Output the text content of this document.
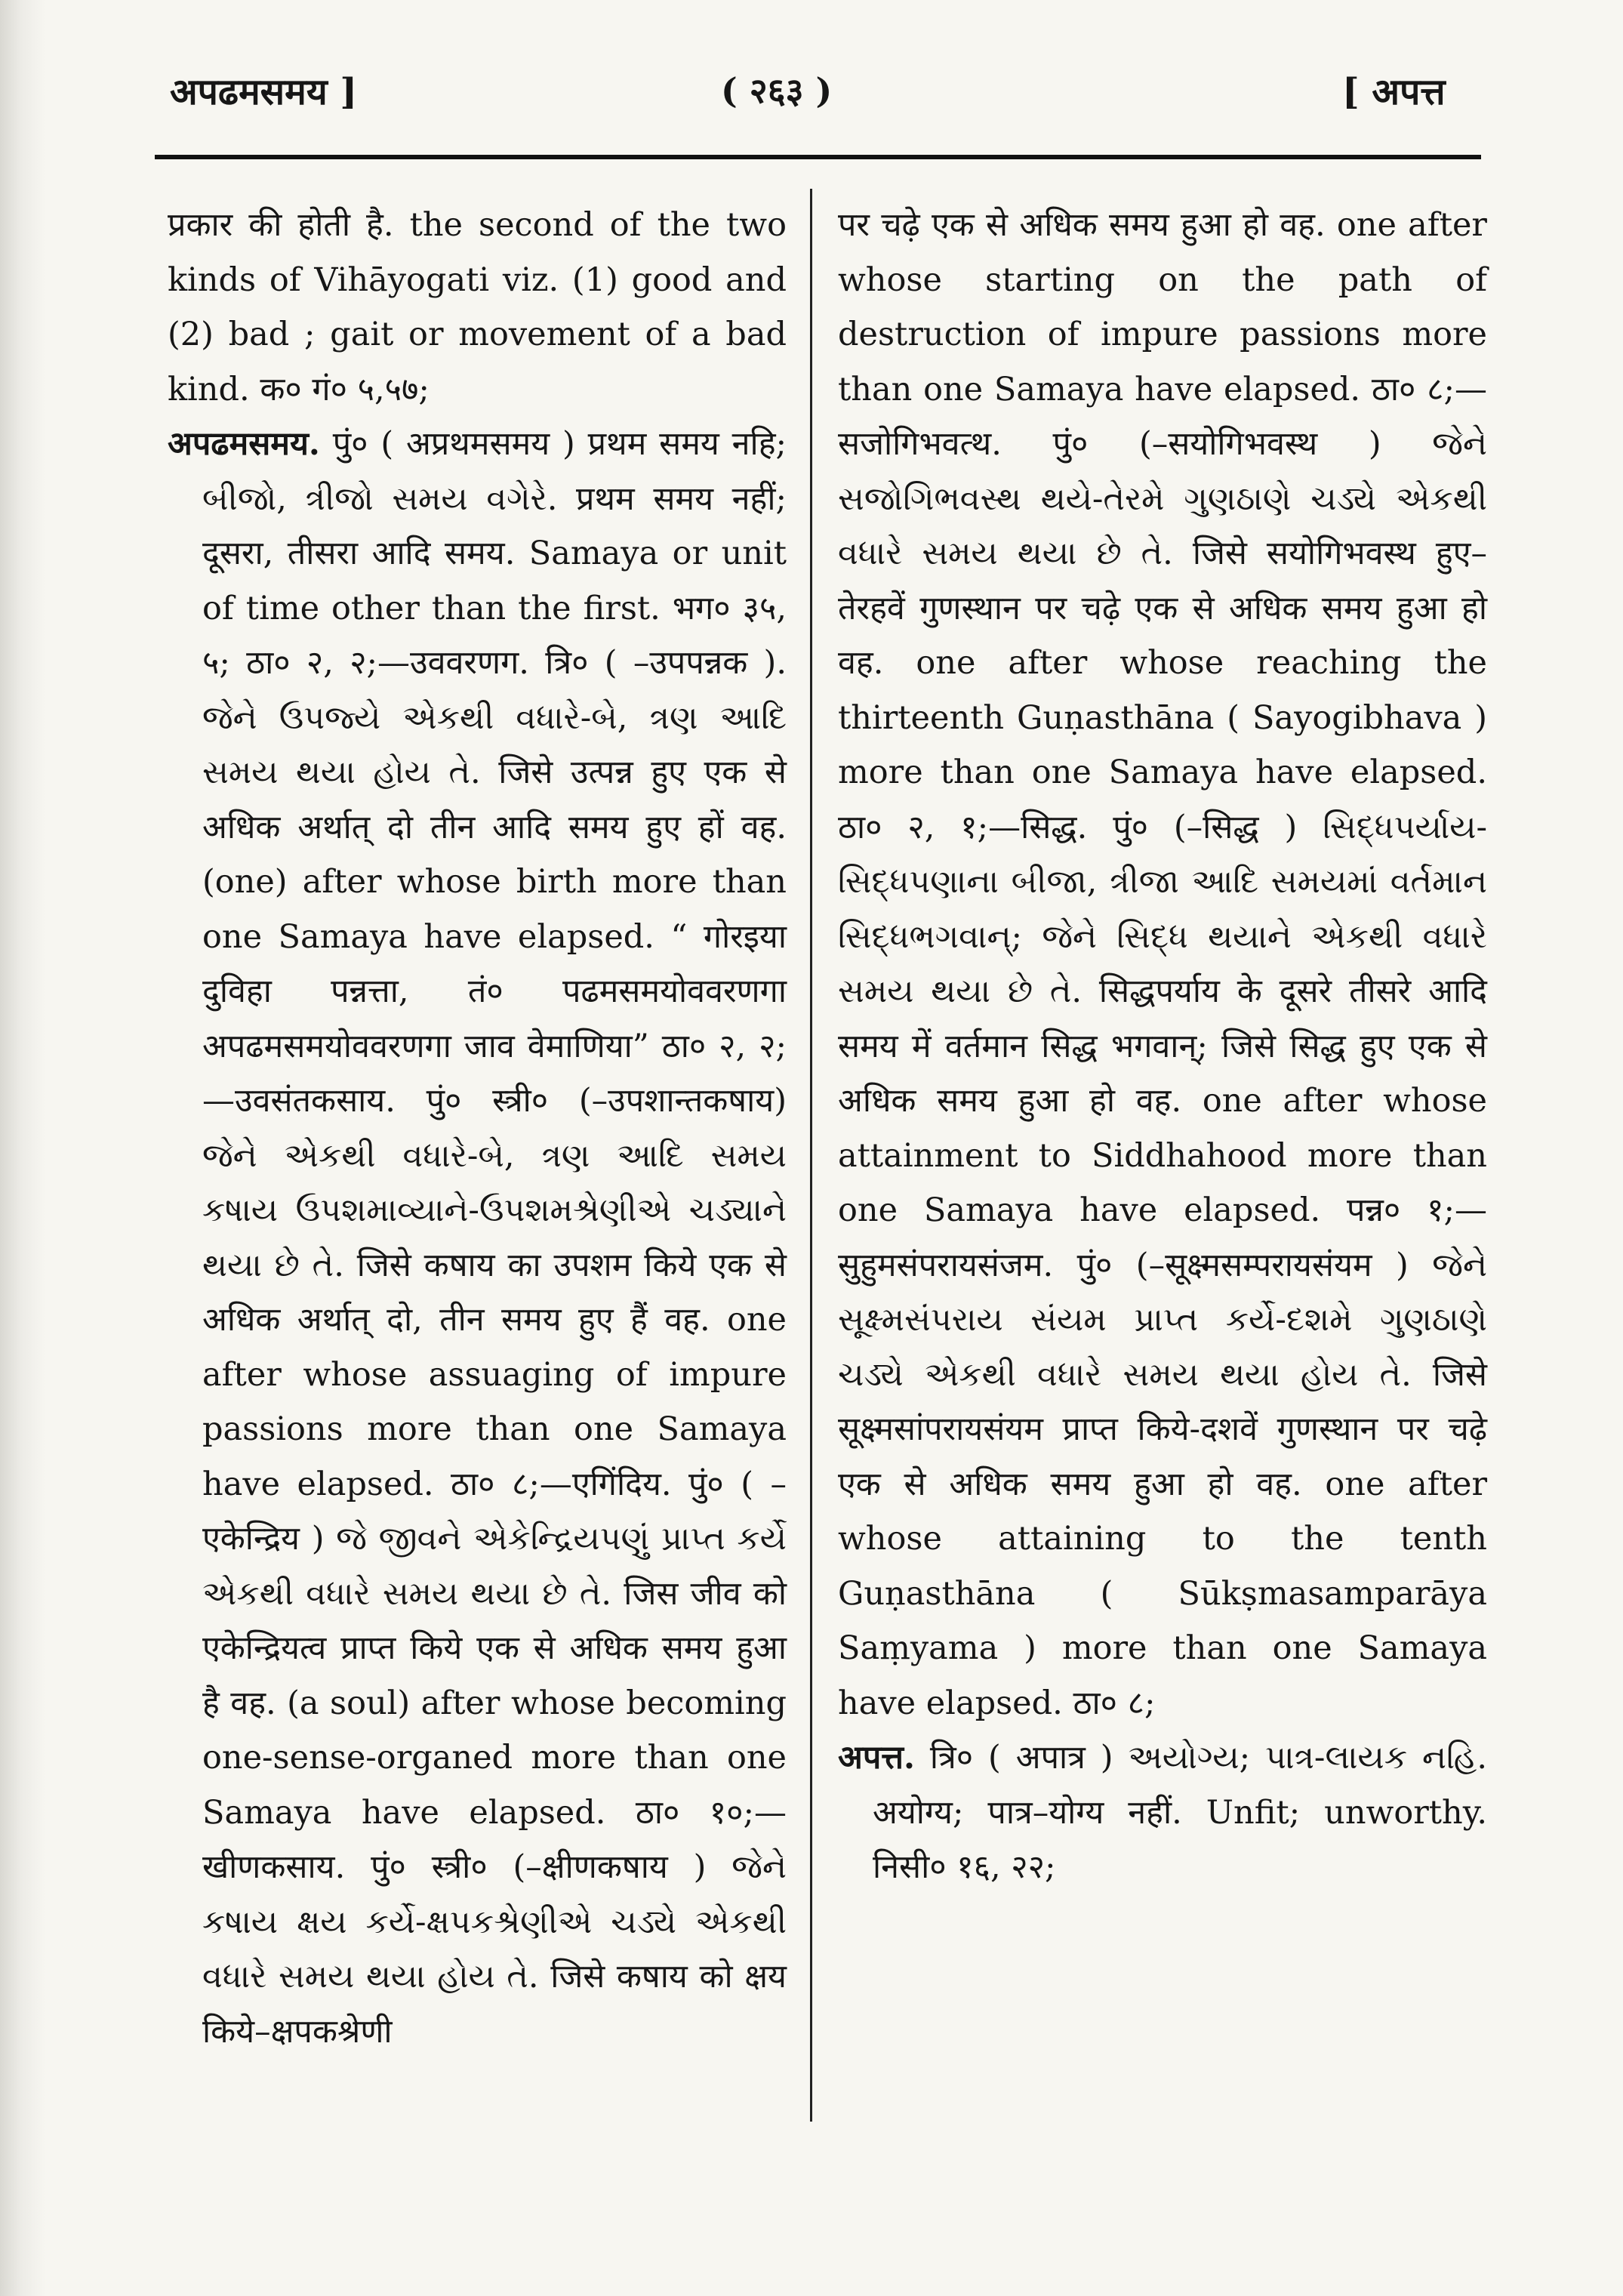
अपढमसमय ]	( २६३ )	[ अपत्त

प्रकार की होती है. the second of the two kinds of Vihāyogati viz. (1) good and (2) bad ; gait or movement of a bad kind. क० गं० ५,५७;

अपढमसमय. पुं० ( अप्रथमसमय ) प्रथम समय नहि; બીજો, ત્રીજો સમય વગેરે. प्रथम समय नहीं; दूसरा, तीसरा आदि समय. Samaya or unit of time other than the first. भग० ३५, ५; ठा० २, २;—उववरणग. त्रि० ( –उपपन्नक ). જેને ઉપજ્યે એકથી વધારે-બે, ત્રણ આદિ સમય થયા હોય તે. जिसे उत्पन्न हुए एक से अधिक अर्थात् दो तीन आदि समय हुए हों वह. (one) after whose birth more than one Samaya have elapsed. “ गोरइया दुविहा पन्नत्ता, तं० पढमसमयोववरणगा अपढमसमयोववरणगा जाव वेमाणिया” ठा० २, २;—उवसंतकसाय. पुं० स्त्री० (–उपशान्तकषाय) જેને એકથી વધારે-બે, ત્રણ આદિ સમય કષાય ઉપશમાવ્યાને-ઉપશમશ્રેણીએ ચડ્યાને થયા છે તે. जिसे कषाय का उपशम किये एक से अधिक अर्थात् दो, तीन समय हुए हैं वह. one after whose assuaging of impure passions more than one Samaya have elapsed. ठा० ८;—एगिंदिय. पुं० ( –एकेन्द्रिय ) જે જીવને એકેન્દ્રિયપણું પ્રાપ્ત કર્યે એકથી વધારે સમય થયા છે તે. जिस जीव को एकेन्द्रियत्व प्राप्त किये एक से अधिक समय हुआ है वह. (a soul) after whose becoming one-sense-organed more than one Samaya have elapsed. ठा० १०;—खीणकसाय. पुं० स्त्री० (–क्षीणकषाय ) જેને કષાય ક્ષય કર્યે-ક્ષપકશ્રેણીએ ચડ્યે એકથી વધારે સમય થયા હોય તે. जिसे कषाय को क्षय किये–क्षपकश्रेणी

पर चढ़े एक से अधिक समय हुआ हो वह. one after whose starting on the path of destruction of impure passions more than one Samaya have elapsed. ठा० ८;—सजोगिभवत्थ. पुं० (–सयोगिभवस्थ ) જેને સજોગિભવસ્થ થયે-તેરમે ગુણઠાણે ચડ્યે એકથી વધારે સમય થયા છે તે. जिसे सयोगिभवस्थ हुए–तेरहवें गुणस्थान पर चढ़े एक से अधिक समय हुआ हो वह. one after whose reaching the thirteenth Guṇasthāna ( Sayogibhava ) more than one Samaya have elapsed. ठा० २, १;—सिद्ध. पुं० (–सिद्ध ) સિદ્ધપર્યાય-સિદ્ધપણાના બીજા, ત્રીજા આદિ સમયમાં વર્તમાન સિદ્ધભગવાન્; જેને સિદ્ધ થયાને એકથી વધારે સમય થયા છે તે. सिद्धपर्याय के दूसरे तीसरे आदि समय में वर्तमान सिद्ध भगवान्; जिसे सिद्ध हुए एक से अधिक समय हुआ हो वह. one after whose attainment to Siddhahood more than one Samaya have elapsed. पन्न० १;—सुहुमसंपरायसंजम. पुं० (–सूक्ष्मसम्परायसंयम ) જેને સૂક્ષ્મસંપરાય સંયમ પ્રાપ્ત કર્યે-દશમે ગુણઠાણે ચડ્યે એકથી વધારે સમય થયા હોય તે. जिसे सूक्ष्मसांपरायसंयम प्राप्त किये-दशवें गुणस्थान पर चढ़े एक से अधिक समय हुआ हो वह. one after whose attaining to the tenth Guṇasthāna ( Sūkṣmasamparāya Saṃyama ) more than one Samaya have elapsed. ठा० ८;

अपत्त. त्रि० ( अपात्र ) અયોગ્ય; પાત્ર-લાયક નહિ. अयोग्य; पात्र–योग्य नहीं. Unfit; unworthy. निसी० १६, २२;
